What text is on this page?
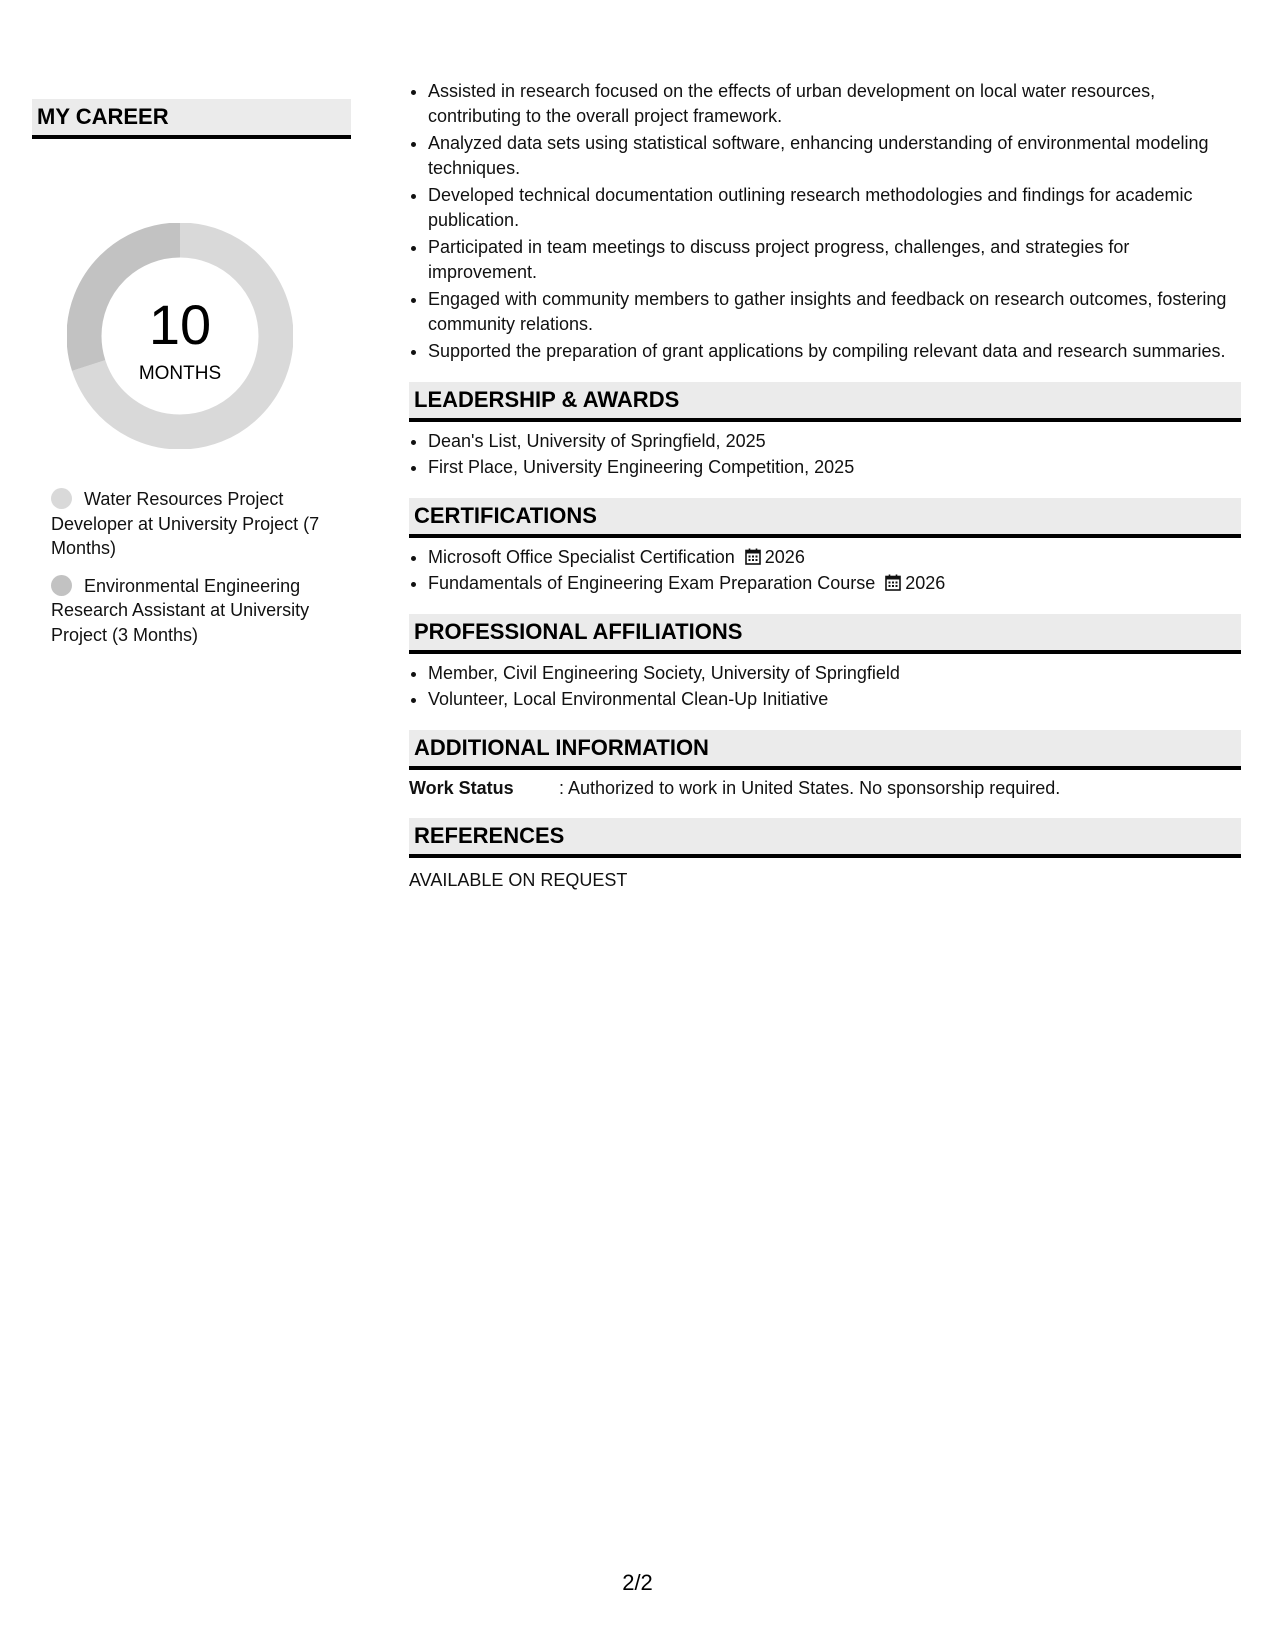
MY CAREER
10
MONTHS
Water Resources Project Developer at University Project (7 Months)
Environmental Engineering Research Assistant at University Project (3 Months)
• Assisted in research focused on the effects of urban development on local water resources, contributing to the overall project framework.
• Analyzed data sets using statistical software, enhancing understanding of environmental modeling techniques.
• Developed technical documentation outlining research methodologies and findings for academic publication.
• Participated in team meetings to discuss project progress, challenges, and strategies for improvement.
• Engaged with community members to gather insights and feedback on research outcomes, fostering community relations.
• Supported the preparation of grant applications by compiling relevant data and research summaries.
LEADERSHIP & AWARDS
• Dean's List, University of Springfield, 2025
• First Place, University Engineering Competition, 2025
CERTIFICATIONS
• Microsoft Office Specialist Certification 2026
• Fundamentals of Engineering Exam Preparation Course 2026
PROFESSIONAL AFFILIATIONS
• Member, Civil Engineering Society, University of Springfield
• Volunteer, Local Environmental Clean-Up Initiative
ADDITIONAL INFORMATION
Work Status	: Authorized to work in United States. No sponsorship required.
REFERENCES
AVAILABLE ON REQUEST
2/2
